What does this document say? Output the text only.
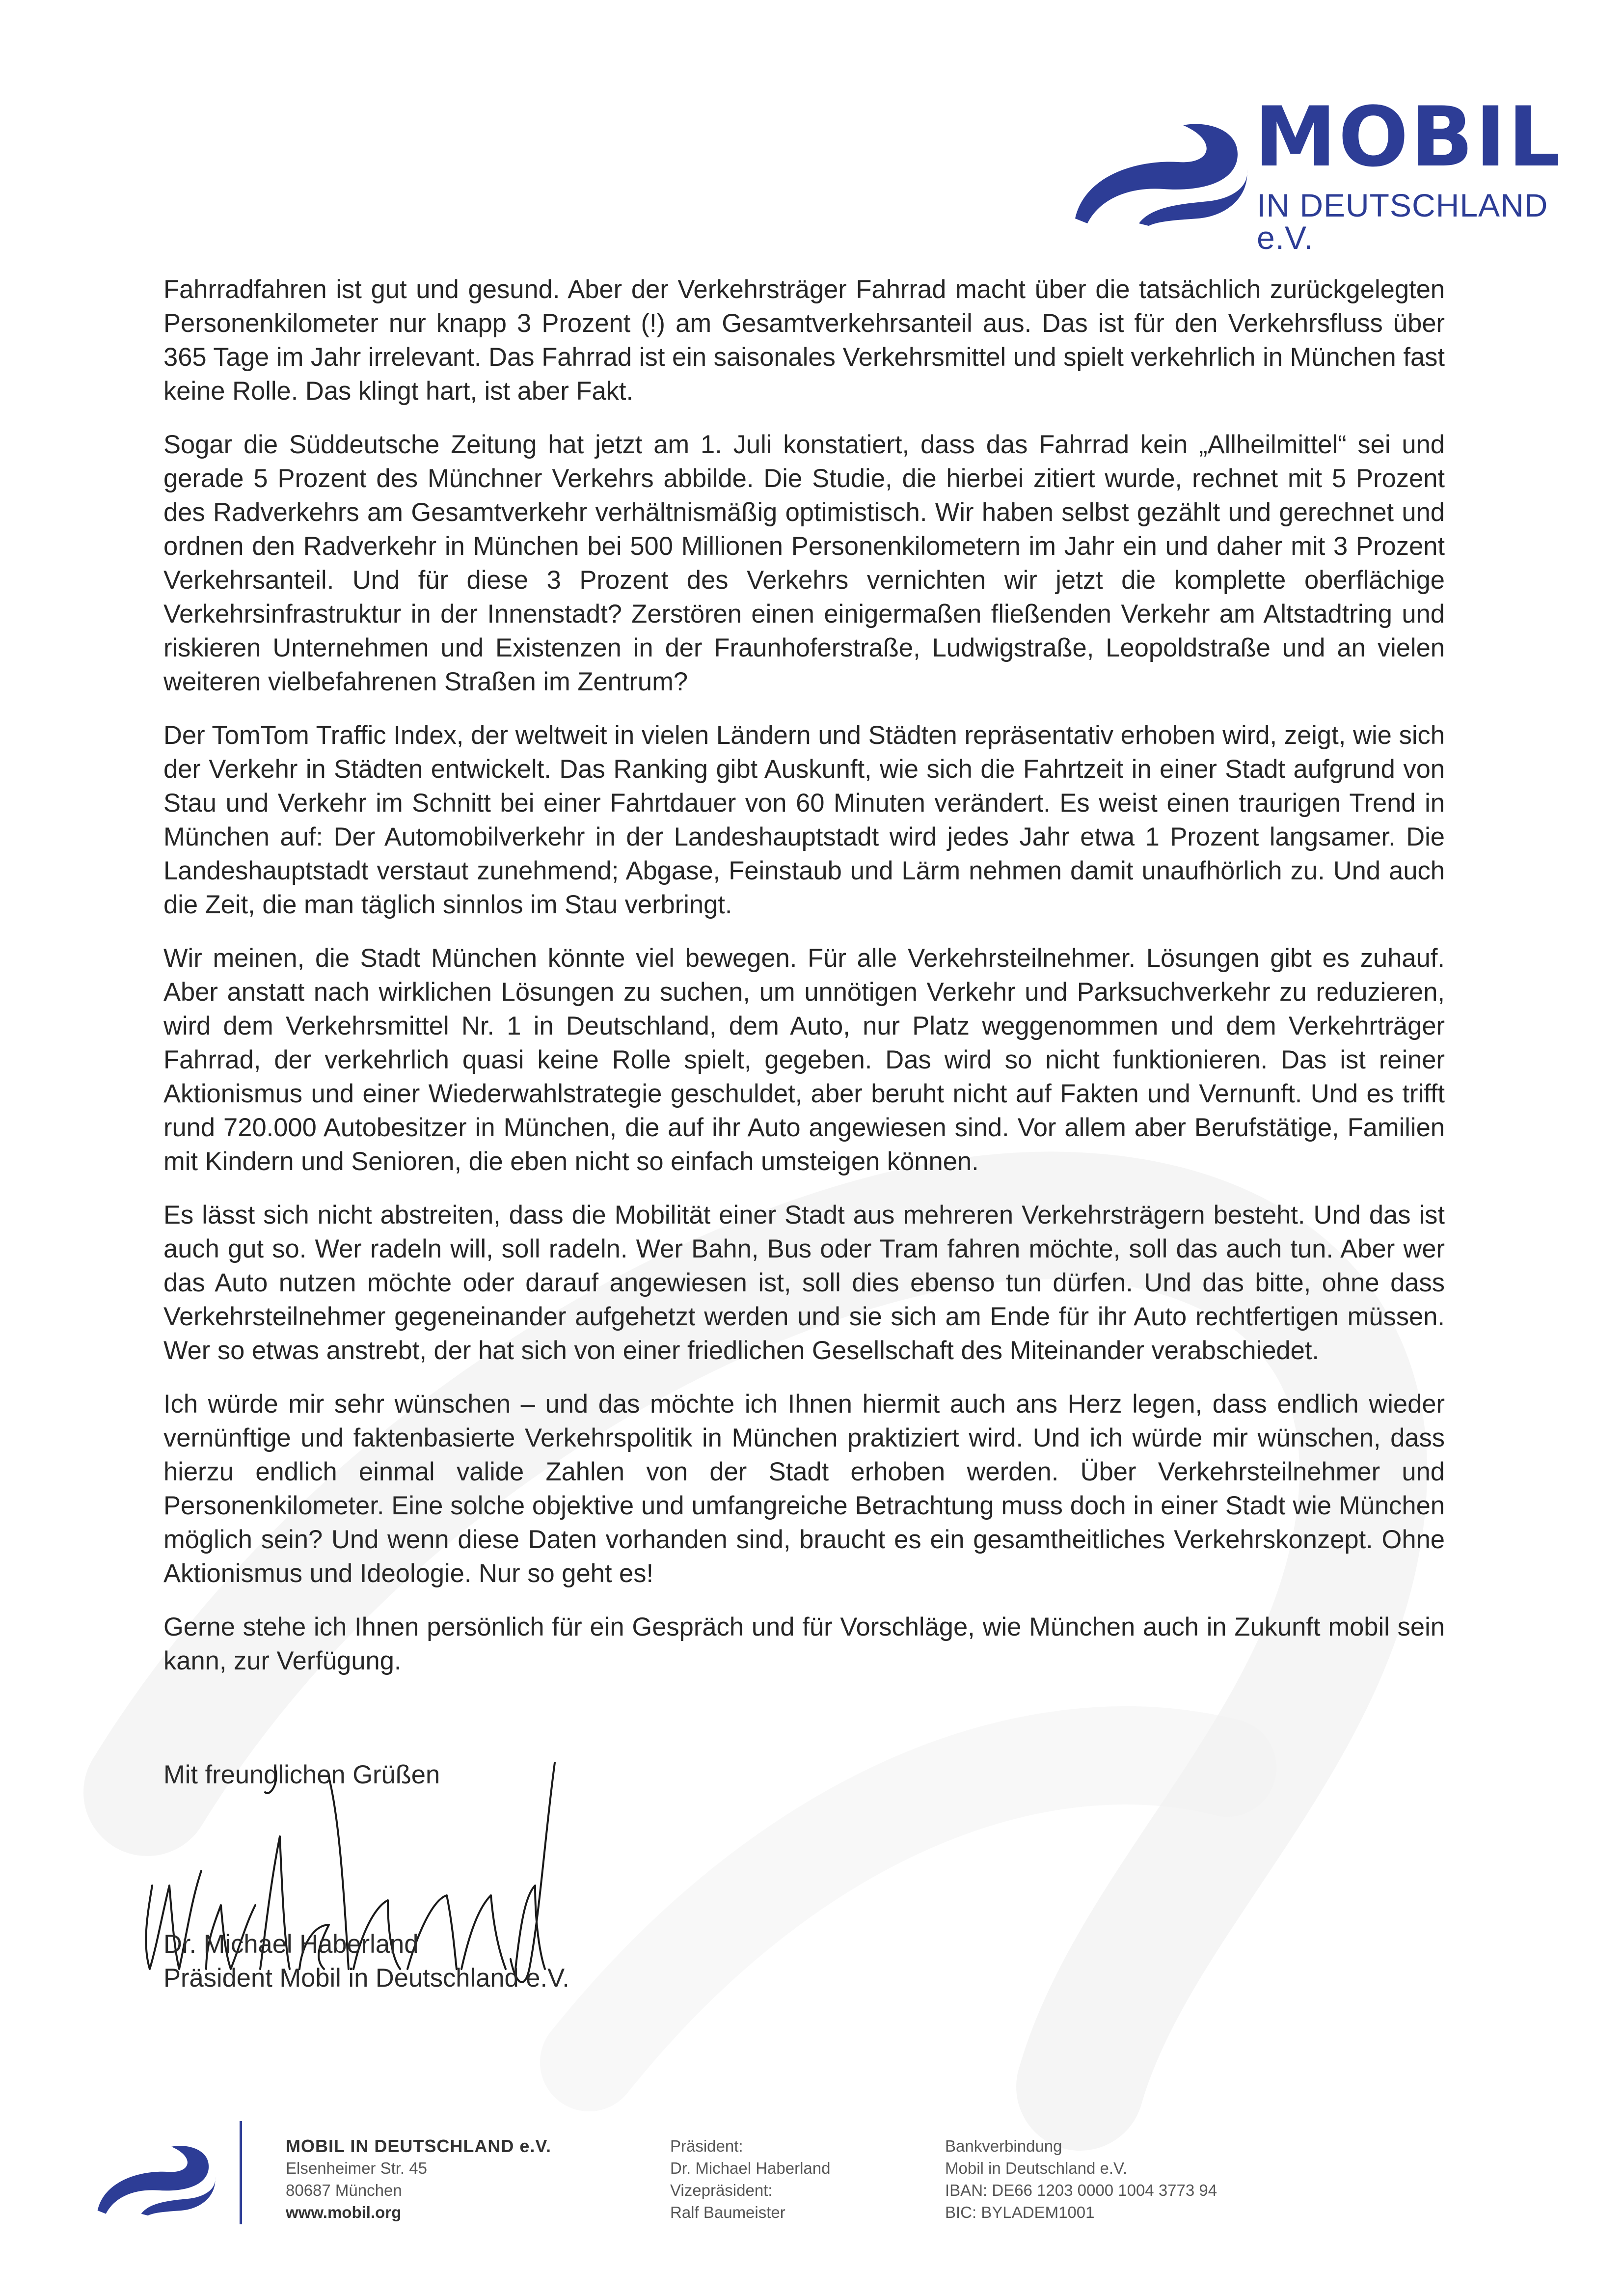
MOBIL
IN DEUTSCHLAND e.V.

Fahrradfahren ist gut und gesund. Aber der Verkehrsträger Fahrrad macht über die tatsächlich zurückgelegten Personenkilometer nur knapp 3 Prozent (!) am Gesamtverkehrsanteil aus. Das ist für den Verkehrsfluss über 365 Tage im Jahr irrelevant. Das Fahrrad ist ein saisonales Verkehrsmittel und spielt verkehrlich in München fast keine Rolle. Das klingt hart, ist aber Fakt.

Sogar die Süddeutsche Zeitung hat jetzt am 1. Juli konstatiert, dass das Fahrrad kein „Allheilmittel“ sei und gerade 5 Prozent des Münchner Verkehrs abbilde. Die Studie, die hierbei zitiert wurde, rechnet mit 5 Prozent des Radverkehrs am Gesamtverkehr verhältnismäßig optimistisch. Wir haben selbst gezählt und gerechnet und ordnen den Radverkehr in München bei 500 Millionen Personenkilometern im Jahr ein und daher mit 3 Prozent Verkehrsanteil. Und für diese 3 Prozent des Verkehrs vernichten wir jetzt die komplette oberflächige Verkehrsinfrastruktur in der Innenstadt? Zerstören einen einigermaßen fließenden Verkehr am Altstadtring und riskieren Unternehmen und Existenzen in der Fraunhoferstraße, Ludwigstraße, Leopoldstraße und an vielen weiteren vielbefahrenen Straßen im Zentrum?

Der TomTom Traffic Index, der weltweit in vielen Ländern und Städten repräsentativ erhoben wird, zeigt, wie sich der Verkehr in Städten entwickelt. Das Ranking gibt Auskunft, wie sich die Fahrtzeit in einer Stadt aufgrund von Stau und Verkehr im Schnitt bei einer Fahrtdauer von 60 Minuten verändert. Es weist einen traurigen Trend in München auf: Der Automobilverkehr in der Landeshauptstadt wird jedes Jahr etwa 1 Prozent langsamer. Die Landeshauptstadt verstaut zunehmend; Abgase, Feinstaub und Lärm nehmen damit unaufhörlich zu. Und auch die Zeit, die man täglich sinnlos im Stau verbringt.

Wir meinen, die Stadt München könnte viel bewegen. Für alle Verkehrsteilnehmer. Lösungen gibt es zuhauf. Aber anstatt nach wirklichen Lösungen zu suchen, um unnötigen Verkehr und Parksuchverkehr zu reduzieren, wird dem Verkehrsmittel Nr. 1 in Deutschland, dem Auto, nur Platz weggenommen und dem Verkehrträger Fahrrad, der verkehrlich quasi keine Rolle spielt, gegeben. Das wird so nicht funktionieren. Das ist reiner Aktionismus und einer Wiederwahlstrategie geschuldet, aber beruht nicht auf Fakten und Vernunft. Und es trifft rund 720.000 Autobesitzer in München, die auf ihr Auto angewiesen sind. Vor allem aber Berufstätige, Familien mit Kindern und Senioren, die eben nicht so einfach umsteigen können.

Es lässt sich nicht abstreiten, dass die Mobilität einer Stadt aus mehreren Verkehrsträgern besteht. Und das ist auch gut so. Wer radeln will, soll radeln. Wer Bahn, Bus oder Tram fahren möchte, soll das auch tun. Aber wer das Auto nutzen möchte oder darauf angewiesen ist, soll dies ebenso tun dürfen. Und das bitte, ohne dass Verkehrsteilnehmer gegeneinander aufgehetzt werden und sie sich am Ende für ihr Auto rechtfertigen müssen. Wer so etwas anstrebt, der hat sich von einer friedlichen Gesellschaft des Miteinander verabschiedet.

Ich würde mir sehr wünschen – und das möchte ich Ihnen hiermit auch ans Herz legen, dass endlich wieder vernünftige und faktenbasierte Verkehrspolitik in München praktiziert wird. Und ich würde mir wünschen, dass hierzu endlich einmal valide Zahlen von der Stadt erhoben werden. Über Verkehrsteilnehmer und Personenkilometer. Eine solche objektive und umfangreiche Betrachtung muss doch in einer Stadt wie München möglich sein? Und wenn diese Daten vorhanden sind, braucht es ein gesamtheitliches Verkehrskonzept. Ohne Aktionismus und Ideologie. Nur so geht es!

Gerne stehe ich Ihnen persönlich für ein Gespräch und für Vorschläge, wie München auch in Zukunft mobil sein kann, zur Verfügung.

Mit freundlichen Grüßen
Dr. Michael Haberland
Präsident Mobil in Deutschland e.V.
MOBIL IN DEUTSCHLAND e.V.
Elsenheimer Str. 45
80687 München
www.mobil.org
Präsident:
Dr. Michael Haberland
Vizepräsident:
Ralf Baumeister
Bankverbindung
Mobil in Deutschland e.V.
IBAN: DE66 1203 0000 1004 3773 94
BIC: BYLADEM1001
